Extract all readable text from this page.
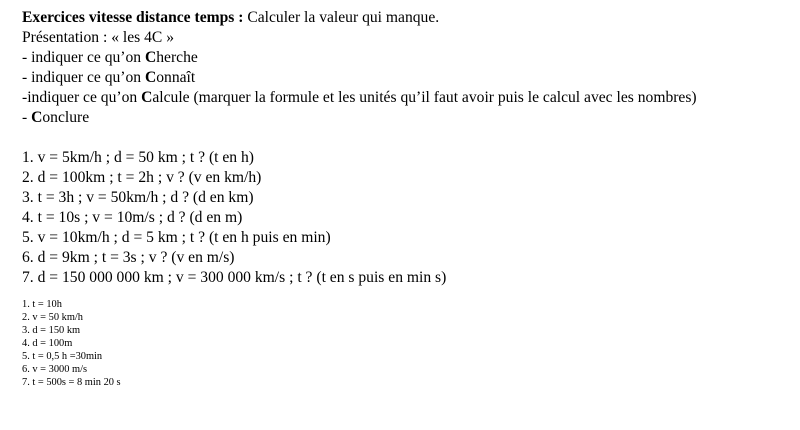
Exercices vitesse distance temps : Calculer la valeur qui manque.
Présentation : « les 4C »
- indiquer ce qu’on Cherche
- indiquer ce qu’on Connaît
-indiquer ce qu’on Calcule (marquer la formule et les unités qu’il faut avoir puis le calcul avec les nombres)
- Conclure
1. v = 5km/h ; d = 50 km ; t ? (t en h)
2. d = 100km ; t = 2h ; v ? (v en km/h)
3. t = 3h ; v = 50km/h ; d ? (d en km)
4. t = 10s ; v = 10m/s ; d ? (d en m)
5. v = 10km/h ; d = 5 km ; t ? (t en h puis en min)
6. d = 9km ; t = 3s ; v ? (v en m/s)
7. d = 150 000 000 km ; v = 300 000 km/s ; t ? (t en s puis en min s)
1. t = 10h
2. v = 50 km/h
3. d = 150 km
4. d = 100m
5. t = 0,5 h =30min
6. v = 3000 m/s
7. t = 500s = 8 min 20 s
